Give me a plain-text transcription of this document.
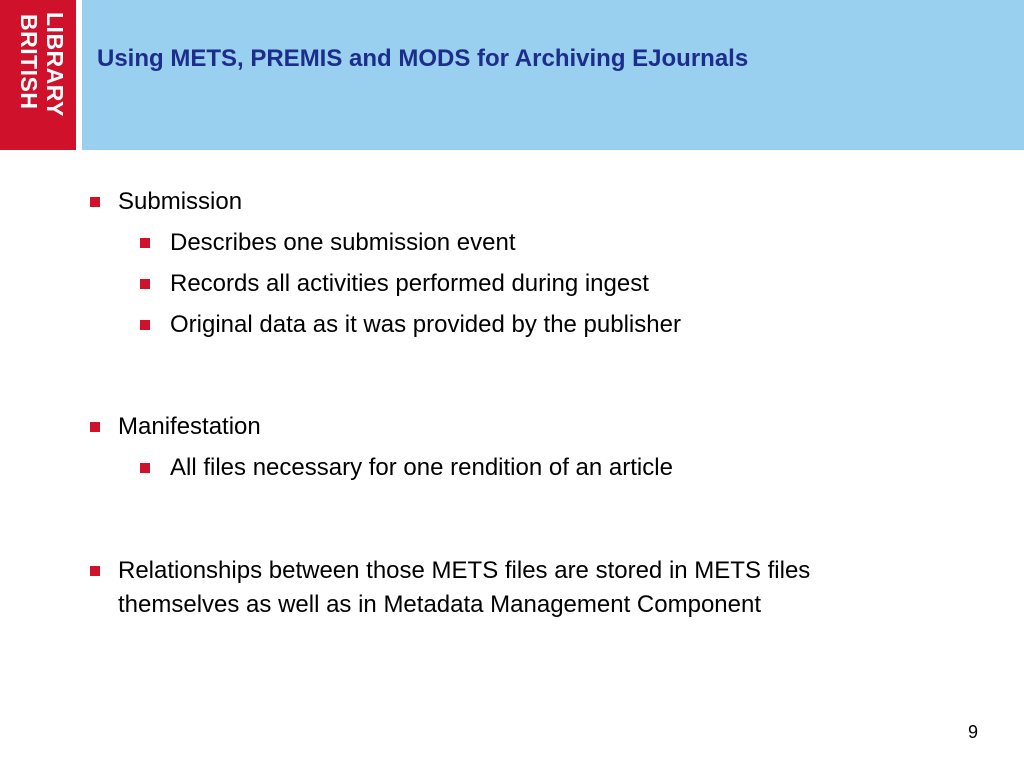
LIBRARY
BRITISH Using METS, PREMIS and MODS for Archiving EJournals
Submission
Describes one submission event
Records all activities performed during ingest
Original data as it was provided by the publisher
Manifestation
All files necessary for one rendition of an article
Relationships between those METS files are stored in METS files
themselves as well as in Metadata Management Component
9
